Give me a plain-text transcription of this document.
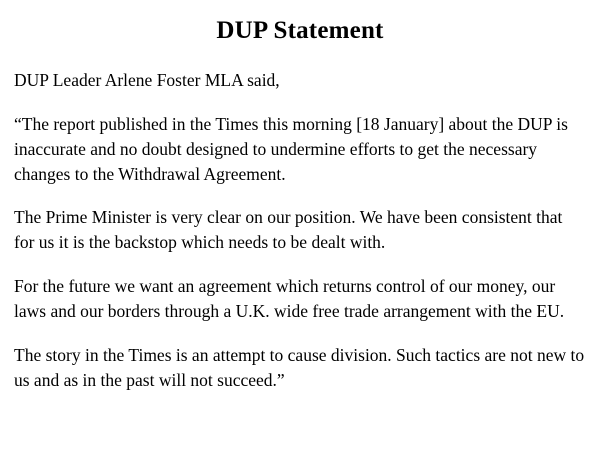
DUP Statement

DUP Leader Arlene Foster MLA said,

“The report published in the Times this morning [18 January] about the DUP is inaccurate and no doubt designed to undermine efforts to get the necessary changes to the Withdrawal Agreement.

The Prime Minister is very clear on our position. We have been consistent that for us it is the backstop which needs to be dealt with.

For the future we want an agreement which returns control of our money, our laws and our borders through a U.K. wide free trade arrangement with the EU.

The story in the Times is an attempt to cause division. Such tactics are not new to us and as in the past will not succeed.”
